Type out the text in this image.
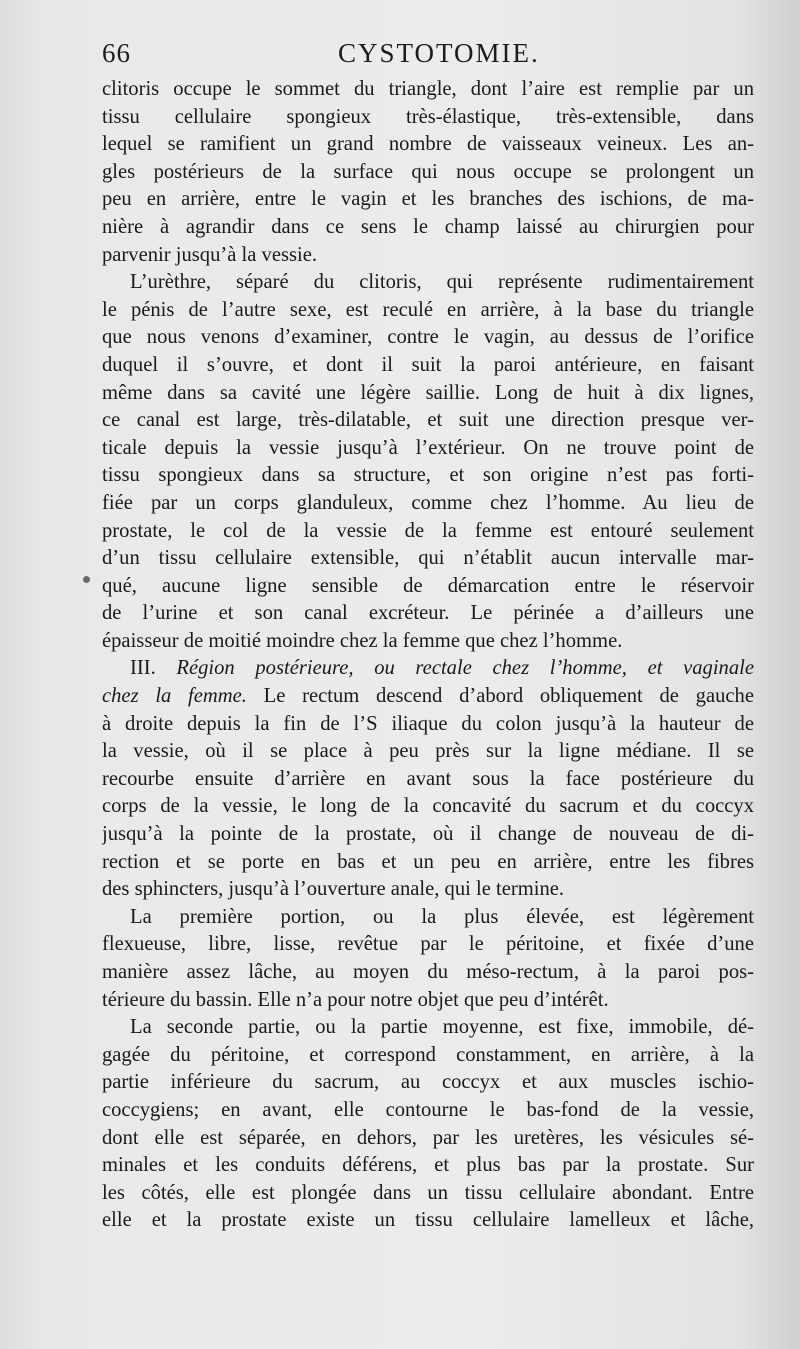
66	CYSTOTOMIE.
clitoris occupe le sommet du triangle, dont l’aire est remplie par un
tissu cellulaire spongieux très-élastique, très-extensible, dans
lequel se ramifient un grand nombre de vaisseaux veineux. Les an-
gles postérieurs de la surface qui nous occupe se prolongent un
peu en arrière, entre le vagin et les branches des ischions, de ma-
nière à agrandir dans ce sens le champ laissé au chirurgien pour
parvenir jusqu’à la vessie.
L’urèthre, séparé du clitoris, qui représente rudimentairement
le pénis de l’autre sexe, est reculé en arrière, à la base du triangle
que nous venons d’examiner, contre le vagin, au dessus de l’orifice
duquel il s’ouvre, et dont il suit la paroi antérieure, en faisant
même dans sa cavité une légère saillie. Long de huit à dix lignes,
ce canal est large, très-dilatable, et suit une direction presque ver-
ticale depuis la vessie jusqu’à l’extérieur. On ne trouve point de
tissu spongieux dans sa structure, et son origine n’est pas forti-
fiée par un corps glanduleux, comme chez l’homme. Au lieu de
prostate, le col de la vessie de la femme est entouré seulement
d’un tissu cellulaire extensible, qui n’établit aucun intervalle mar-
qué, aucune ligne sensible de démarcation entre le réservoir
de l’urine et son canal excréteur. Le périnée a d’ailleurs une
épaisseur de moitié moindre chez la femme que chez l’homme.
III. Région postérieure, ou rectale chez l’homme, et vaginale
chez la femme. Le rectum descend d’abord obliquement de gauche
à droite depuis la fin de l’S iliaque du colon jusqu’à la hauteur de
la vessie, où il se place à peu près sur la ligne médiane. Il se
recourbe ensuite d’arrière en avant sous la face postérieure du
corps de la vessie, le long de la concavité du sacrum et du coccyx
jusqu’à la pointe de la prostate, où il change de nouveau de di-
rection et se porte en bas et un peu en arrière, entre les fibres
des sphincters, jusqu’à l’ouverture anale, qui le termine.
La première portion, ou la plus élevée, est légèrement
flexueuse, libre, lisse, revêtue par le péritoine, et fixée d’une
manière assez lâche, au moyen du méso-rectum, à la paroi pos-
térieure du bassin. Elle n’a pour notre objet que peu d’intérêt.
La seconde partie, ou la partie moyenne, est fixe, immobile, dé-
gagée du péritoine, et correspond constamment, en arrière, à la
partie inférieure du sacrum, au coccyx et aux muscles ischio-
coccygiens; en avant, elle contourne le bas-fond de la vessie,
dont elle est séparée, en dehors, par les uretères, les vésicules sé-
minales et les conduits déférens, et plus bas par la prostate. Sur
les côtés, elle est plongée dans un tissu cellulaire abondant. Entre
elle et la prostate existe un tissu cellulaire lamelleux et lâche,
